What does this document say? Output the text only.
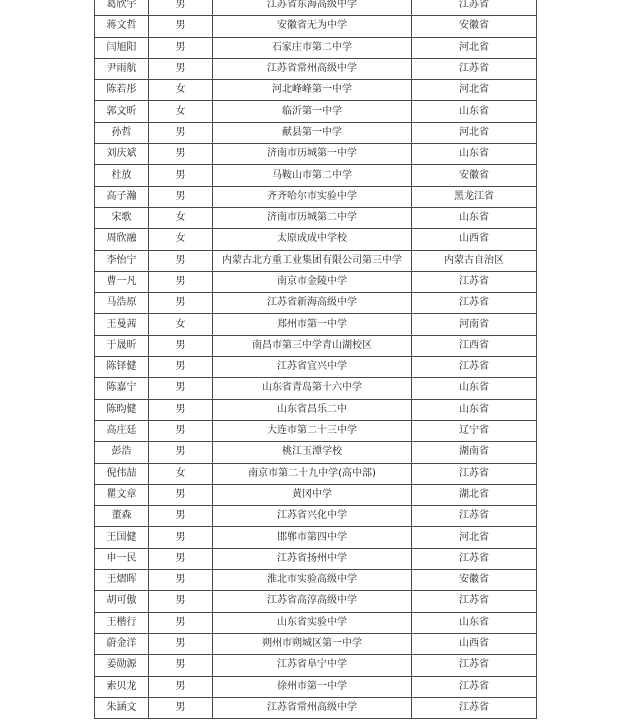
葛欣宇	男	江苏省东海高级中学	江苏省
蒋文哲	男	安徽省无为中学	安徽省
闫旭阳	男	石家庄市第二中学	河北省
尹雨航	男	江苏省常州高级中学	江苏省
陈若彤	女	河北峰峰第一中学	河北省
郭文昕	女	临沂第一中学	山东省
孙哲	男	献县第一中学	河北省
刘庆斌	男	济南市历城第一中学	山东省
杜放	男	马鞍山市第二中学	安徽省
高子瀚	男	齐齐哈尔市实验中学	黑龙江省
宋歌	女	济南市历城第二中学	山东省
周欣融	女	太原成成中学校	山西省
李怡宁	男	内蒙古北方重工业集团有限公司第三中学	内蒙古自治区
曹一凡	男	南京市金陵中学	江苏省
马浩原	男	江苏省新海高级中学	江苏省
王曼茜	女	郑州市第一中学	河南省
于晟昕	男	南昌市第三中学青山湖校区	江西省
陈铎健	男	江苏省宜兴中学	江苏省
陈嘉宁	男	山东省青岛第十六中学	山东省
陈昀健	男	山东省昌乐二中	山东省
高庄廷	男	大连市第二十三中学	辽宁省
彭浩	男	桃江玉潭学校	湖南省
倪伟喆	女	南京市第二十九中学(高中部)	江苏省
瞿文章	男	黄冈中学	湖北省
董森	男	江苏省兴化中学	江苏省
王国健	男	邯郸市第四中学	河北省
申一民	男	江苏省扬州中学	江苏省
王熠晖	男	淮北市实验高级中学	安徽省
胡可傲	男	江苏省高淳高级中学	江苏省
王楷行	男	山东省实验中学	山东省
蔚金洋	男	朔州市朔城区第一中学	山西省
姜勋源	男	江苏省阜宁中学	江苏省
索贝龙	男	徐州市第一中学	江苏省
朱涵文	男	江苏省常州高级中学	江苏省
